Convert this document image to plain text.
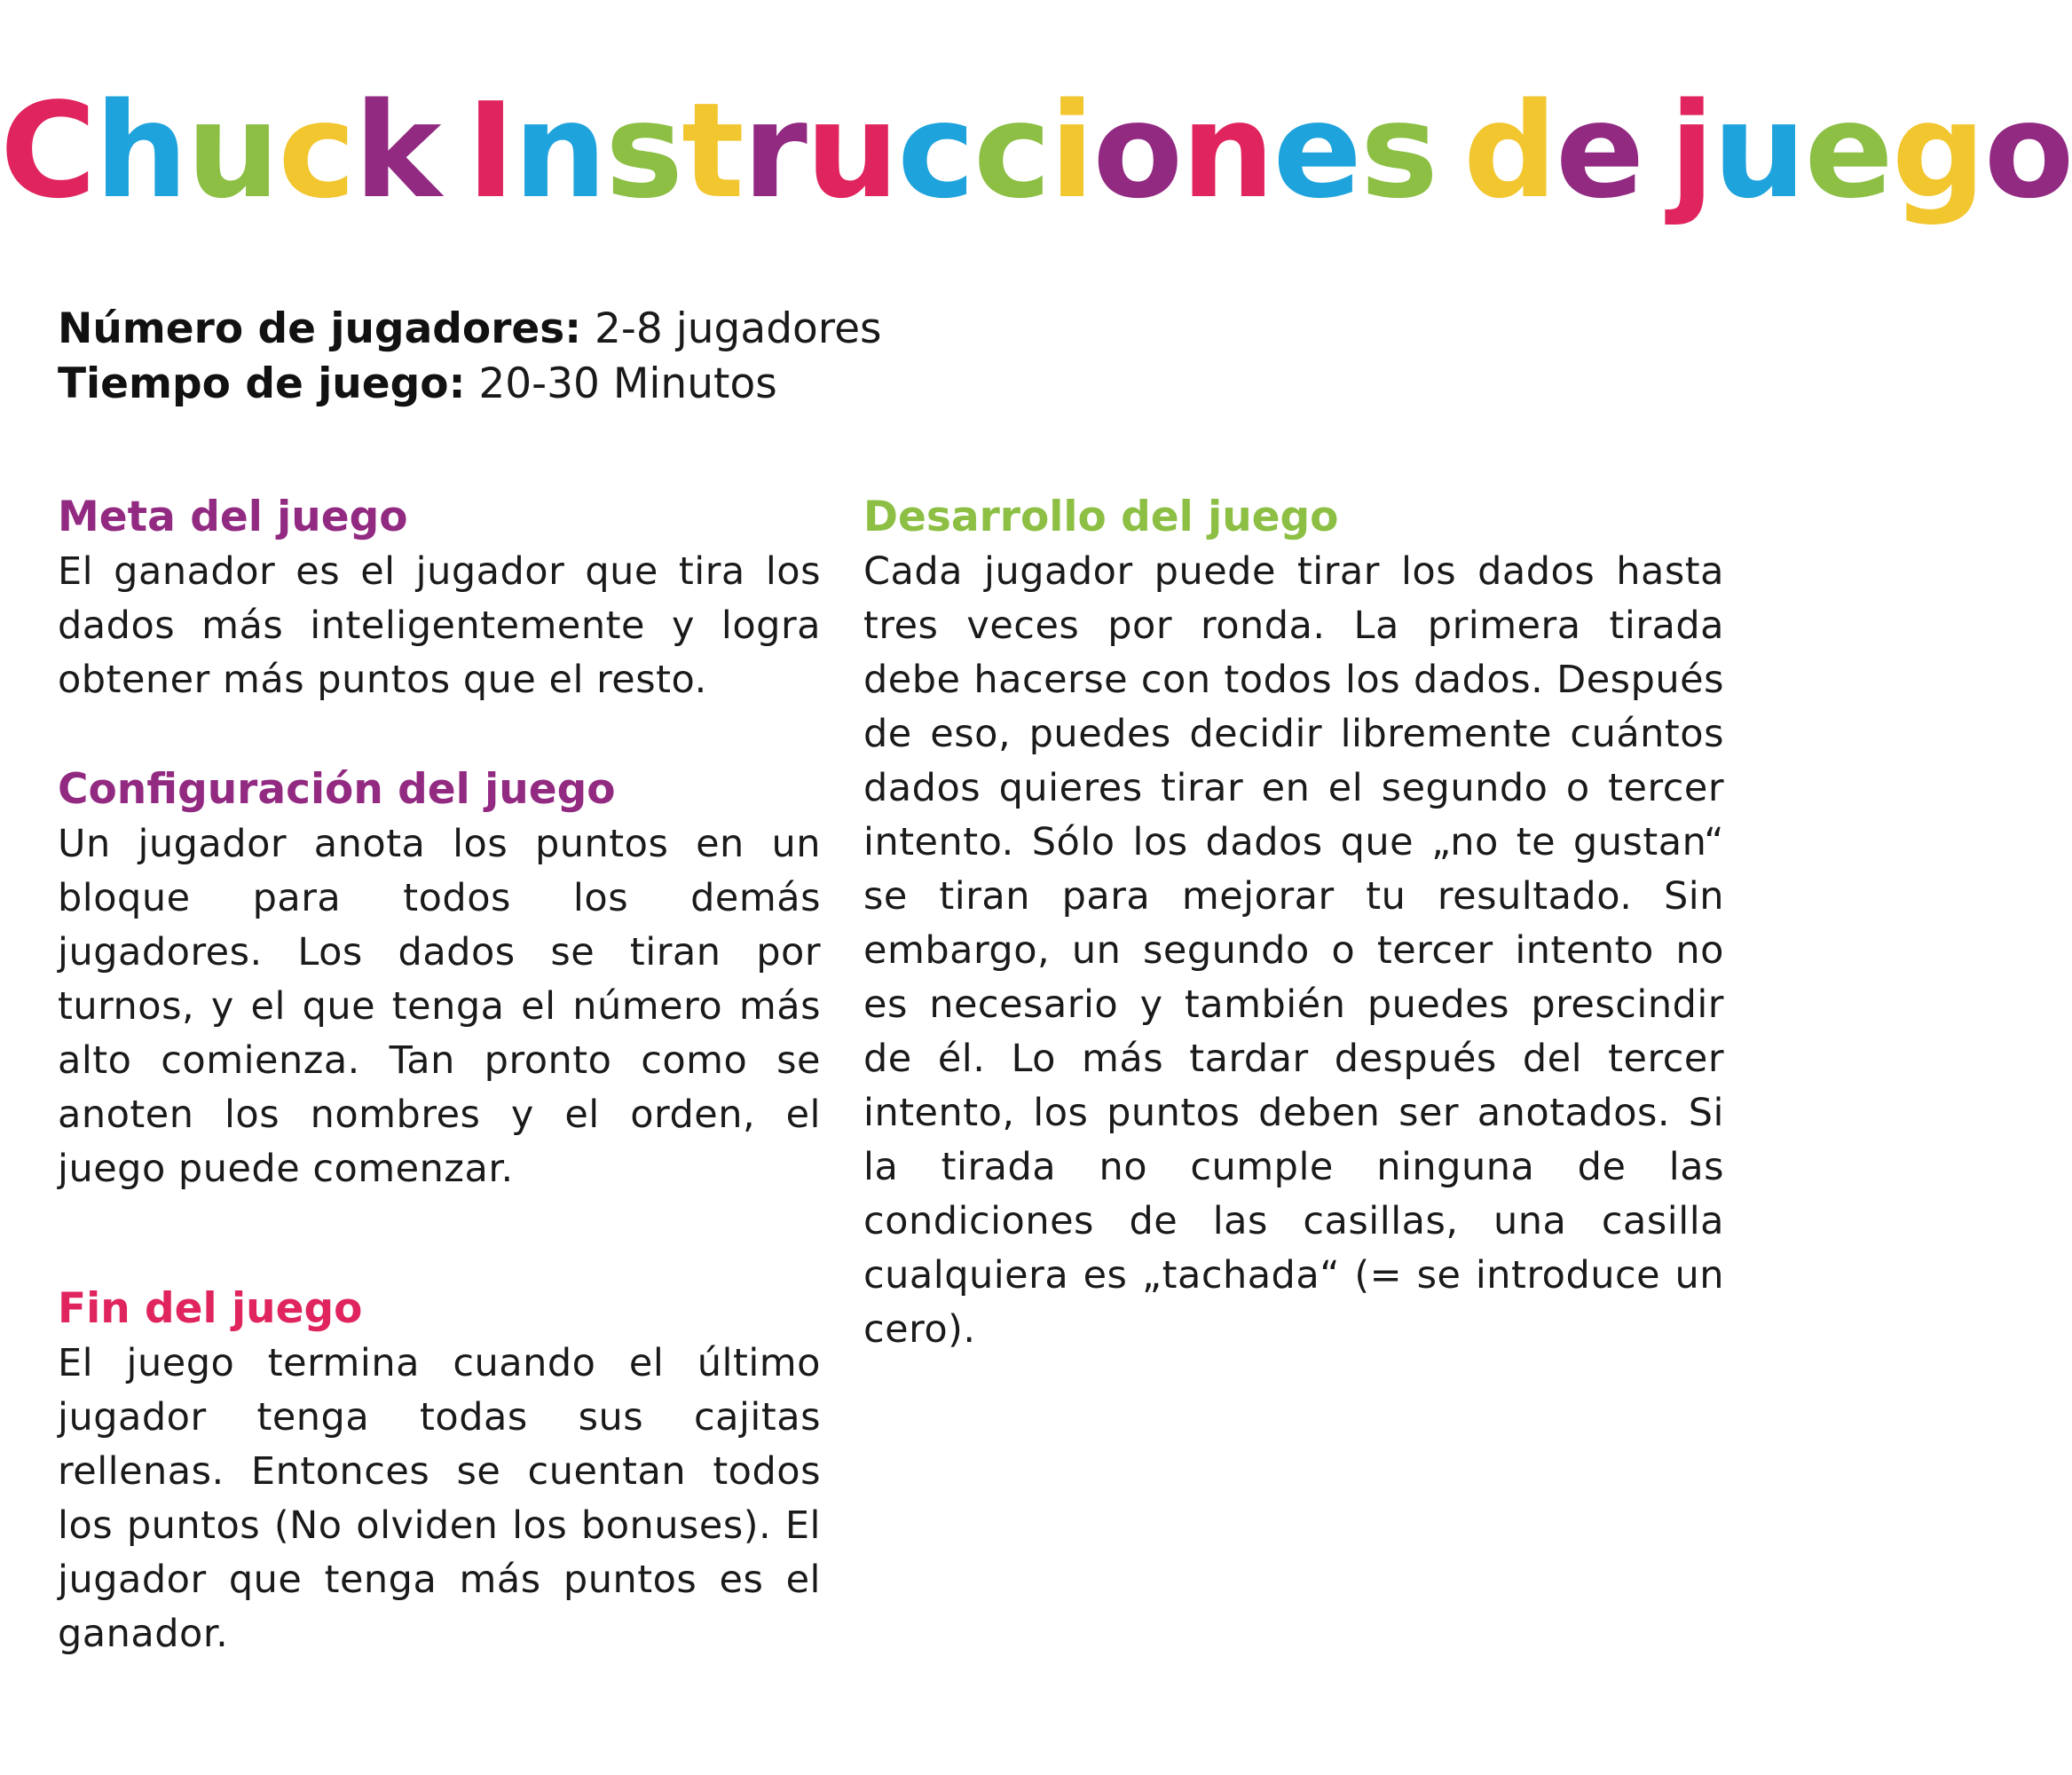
Chuck Instrucciones de juego
Número de jugadores: 2-8 jugadores
Tiempo de juego: 20-30 Minutos
Meta del juego

El ganador es el jugador que tira los dados más inteligentemente y logra obtener más puntos que el resto.

Configuración del juego

Un jugador anota los puntos en un bloque para todos los demás jugadores. Los dados se tiran por turnos, y el que tenga el número más alto comienza. Tan pronto como se anoten los nombres y el orden, el juego puede comenzar.

Fin del juego

El juego termina cuando el último jugador tenga todas sus cajitas rellenas. Entonces se cuentan todos los puntos (No olviden los bonuses). El jugador que tenga más puntos es el ganador.

Desarrollo del juego

Cada jugador puede tirar los dados hasta tres veces por ronda. La primera tirada debe hacerse con todos los dados. Después de eso, puedes decidir libremente cuántos dados quieres tirar en el segundo o tercer intento. Sólo los dados que „no te gustan“ se tiran para mejorar tu resultado. Sin embargo, un segundo o tercer intento no es necesario y también puedes prescindir de él. Lo más tardar después del tercer intento, los puntos deben ser anotados. Si la tirada no cumple ninguna de las condiciones de las casillas, una casilla cualquiera es „tachada“ (= se introduce un cero).
